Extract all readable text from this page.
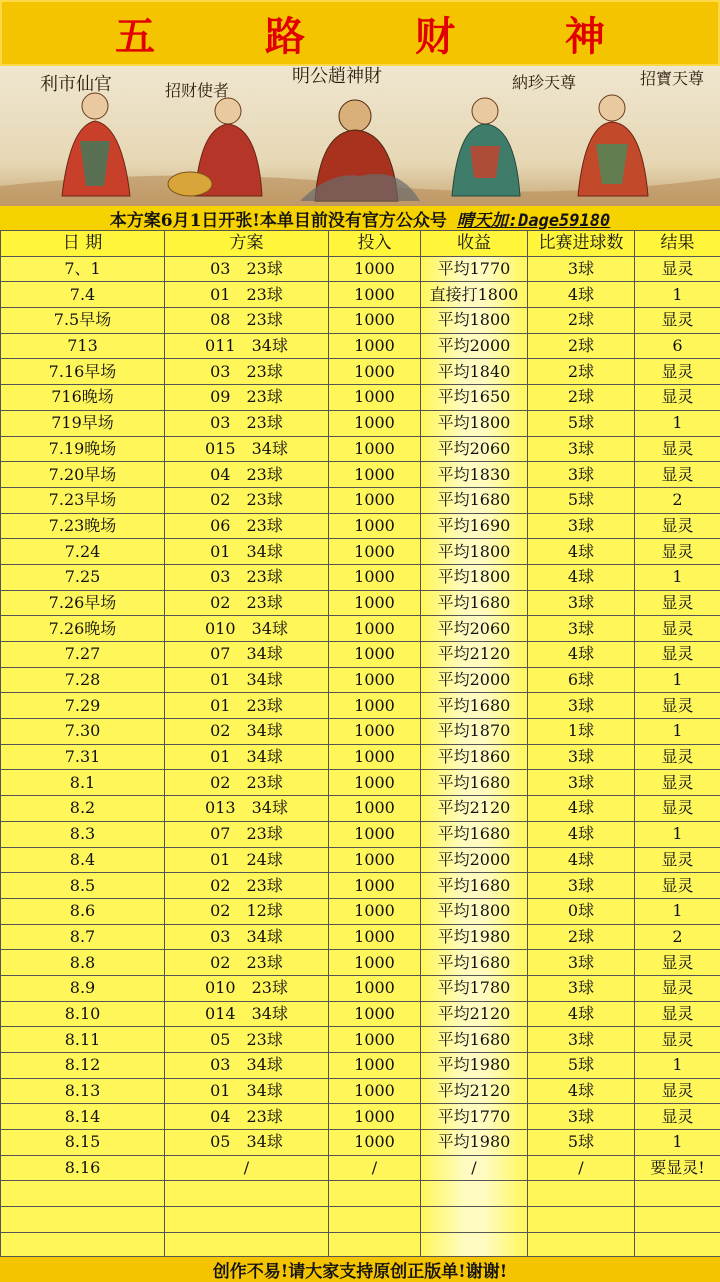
五 路 财 神
利市仙官	招财使者
明公趙神財	納珍天尊	招寶天尊
本方案6月1日开张!本单目前没有官方公众号 晴天加:Dage59180
日 期	方案	投入	收益	比赛进球数	结果
7、1	03　23球	1000	平均1770	3球	显灵
7.4	01　23球	1000	直接打1800	4球	1
7.5早场	08　23球	1000	平均1800	2球	显灵
713	011　34球	1000	平均2000	2球	6
7.16早场	03　23球	1000	平均1840	2球	显灵
716晚场	09　23球	1000	平均1650	2球	显灵
719早场	03　23球	1000	平均1800	5球	1
7.19晚场	015　34球	1000	平均2060	3球	显灵
7.20早场	04　23球	1000	平均1830	3球	显灵
7.23早场	02　23球	1000	平均1680	5球	2
7.23晚场	06　23球	1000	平均1690	3球	显灵
7.24	01　34球	1000	平均1800	4球	显灵
7.25	03　23球	1000	平均1800	4球	1
7.26早场	02　23球	1000	平均1680	3球	显灵
7.26晚场	010　34球	1000	平均2060	3球	显灵
7.27	07　34球	1000	平均2120	4球	显灵
7.28	01　34球	1000	平均2000	6球	1
7.29	01　23球	1000	平均1680	3球	显灵
7.30	02　34球	1000	平均1870	1球	1
7.31	01　34球	1000	平均1860	3球	显灵
8.1	02　23球	1000	平均1680	3球	显灵
8.2	013　34球	1000	平均2120	4球	显灵
8.3	07　23球	1000	平均1680	4球	1
8.4	01　24球	1000	平均2000	4球	显灵
8.5	02　23球	1000	平均1680	3球	显灵
8.6	02　12球	1000	平均1800	0球	1
8.7	03　34球	1000	平均1980	2球	2
8.8	02　23球	1000	平均1680	3球	显灵
8.9	010　23球	1000	平均1780	3球	显灵
8.10	014　34球	1000	平均2120	4球	显灵
8.11	05　23球	1000	平均1680	3球	显灵
8.12	03　34球	1000	平均1980	5球	1
8.13	01　34球	1000	平均2120	4球	显灵
8.14	04　23球	1000	平均1770	3球	显灵
8.15	05　34球	1000	平均1980	5球	1
8.16	/	/	/	/	要显灵!

创作不易!请大家支持原创正版单!谢谢!
